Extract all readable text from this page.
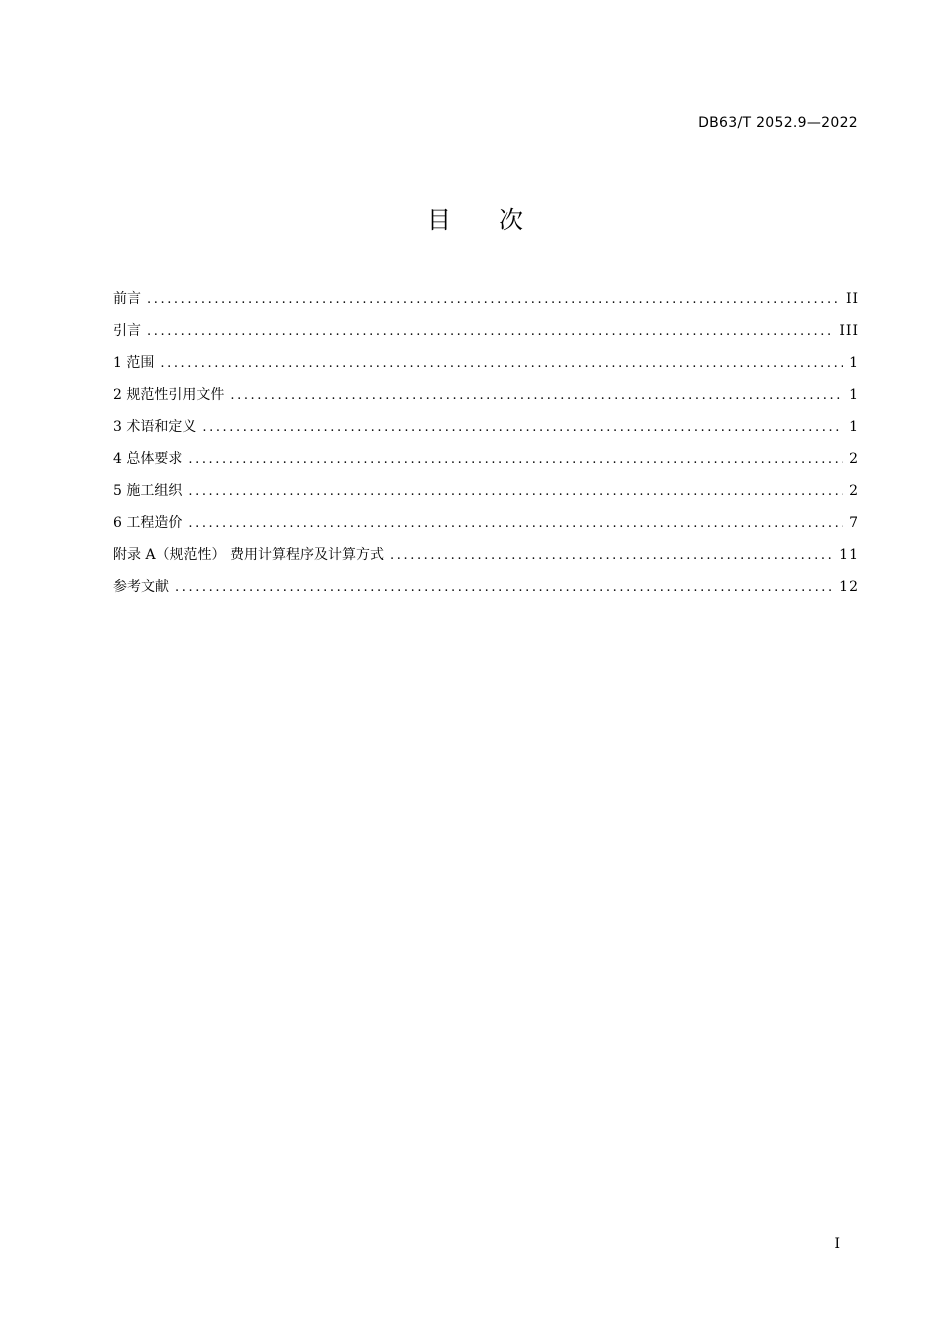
DB63/T 2052.9—2022
目 次
前言 .....	II
引言 .....	III
1 范围 .....	1
2 规范性引用文件 .....	1
3 术语和定义 .....	1
4 总体要求 .....	2
5 施工组织 .....	2
6 工程造价 .....	7
附录 A（规范性） 费用计算程序及计算方式 .....	11
参考文献 .....	12
I
